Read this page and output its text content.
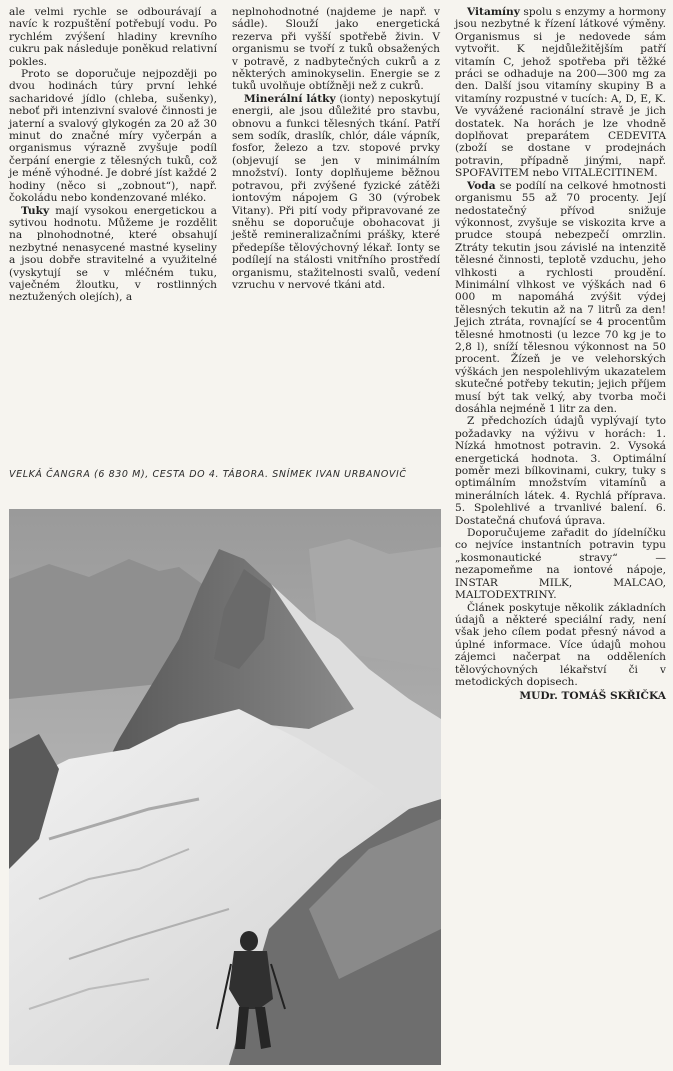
ale velmi rychle se odbourávají a navíc k rozpuštění potřebují vodu. Po rychlém zvýšení hladiny krevního cukru pak následuje poněkud relativní pokles.

Proto se doporučuje nejpozději po dvou hodinách túry první lehké sacharidové jídlo (chleba, sušenky), neboť při intenzivní svalové činnosti je jaterní a svalový glykogén za 20 až 30 minut do značné míry vyčerpán a organismus výrazně zvyšuje podíl čerpání energie z tělesných tuků, což je méně výhodné. Je dobré jíst každé 2 hodiny (něco si „zobnout“), např. čokoládu nebo kondenzované mléko.

Tuky mají vysokou energetickou a sytivou hodnotu. Můžeme je rozdělit na plnohodnotné, které obsahují nezbytné nenasycené mastné kyseliny a jsou dobře stravitelné a využitelné (vyskytují se v mléčném tuku, vaječném žloutku, v rostlinných neztužených olejích), a

neplnohodnotné (najdeme je např. v sádle). Slouží jako energetická rezerva při vyšší spotřebě živin. V organismu se tvoří z tuků obsažených v potravě, z nadbytečných cukrů a z některých aminokyselin. Energie se z tuků uvolňuje obtížněji než z cukrů.

Minerální látky (ionty) neposkytují energii, ale jsou důležité pro stavbu, obnovu a funkci tělesných tkání. Patří sem sodík, draslík, chlór, dále vápník, fosfor, železo a tzv. stopové prvky (objevují se jen v minimálním množství). Ionty doplňujeme běžnou potravou, při zvýšené fyzické zátěži iontovým nápojem G 30 (výrobek Vitany). Při pití vody připravované ze sněhu se doporučuje obohacovat ji ještě remineralizačními prášky, které předepíše tělovýchovný lékař. Ionty se podílejí na stálosti vnitřního prostředí organismu, stažitelnosti svalů, vedení vzruchu v nervové tkáni atd.

Vitamíny spolu s enzymy a hormony jsou nezbytné k řízení látkové výměny. Organismus si je nedovede sám vytvořit. K nejdůležitějším patří vitamín C, jehož spotřeba při těžké práci se odhaduje na 200—300 mg za den. Další jsou vitamíny skupiny B a vitamíny rozpustné v tucích: A, D, E, K. Ve vyvážené racionální stravě je jich dostatek. Na horách je lze vhodně doplňovat preparátem CEDEVITA (zboží se dostane v prodejnách potravin, případně jinými, např. SPOFAVITEM nebo VITALECITINEM.

Voda se podílí na celkové hmotnosti organismu 55 až 70 procenty. Její nedostatečný přívod snižuje výkonnost, zvyšuje se viskozita krve a prudce stoupá nebezpečí omrzlin. Ztráty tekutin jsou závislé na intenzitě tělesné činnosti, teplotě vzduchu, jeho vlhkosti a rychlosti proudění. Minimální vlhkost ve výškách nad 6 000 m napomáhá zvýšit výdej tělesných tekutin až na 7 litrů za den! Jejich ztráta, rovnající se 4 procentům tělesné hmotnosti (u lezce 70 kg je to 2,8 l), sníží tělesnou výkonnost na 50 procent. Žízeň je ve velehorských výškách jen nespolehlivým ukazatelem skutečné potřeby tekutin; jejich příjem musí být tak velký, aby tvorba moči dosáhla nejméně 1 litr za den.

Z předchozích údajů vyplývají tyto požadavky na výživu v horách: 1. Nízká hmotnost potravin. 2. Vysoká energetická hodnota. 3. Optimální poměr mezi bílkovinami, cukry, tuky s optimálním množstvím vitamínů a minerálních látek. 4. Rychlá příprava. 5. Spolehlivé a trvanlivé balení. 6. Dostatečná chuťová úprava.

Doporučujeme zařadit do jídelníčku co nejvíce instantních potravin typu „kosmonautické stravy“ — nezapomeňme na iontové nápoje, INSTAR MILK, MALCAO, MALTODEXTRINY.

Článek poskytuje několik základních údajů a některé speciální rady, není však jeho cílem podat přesný návod a úplné informace. Více údajů mohou zájemci načerpat na odděleních tělovýchovných lékařství či v metodických dopisech.

MUDr. TOMÁŠ SKŘIČKA

VELKÁ ČANGRA (6 830 M), CESTA DO 4. TÁBORA. SNÍMEK IVAN URBANOVIČ
